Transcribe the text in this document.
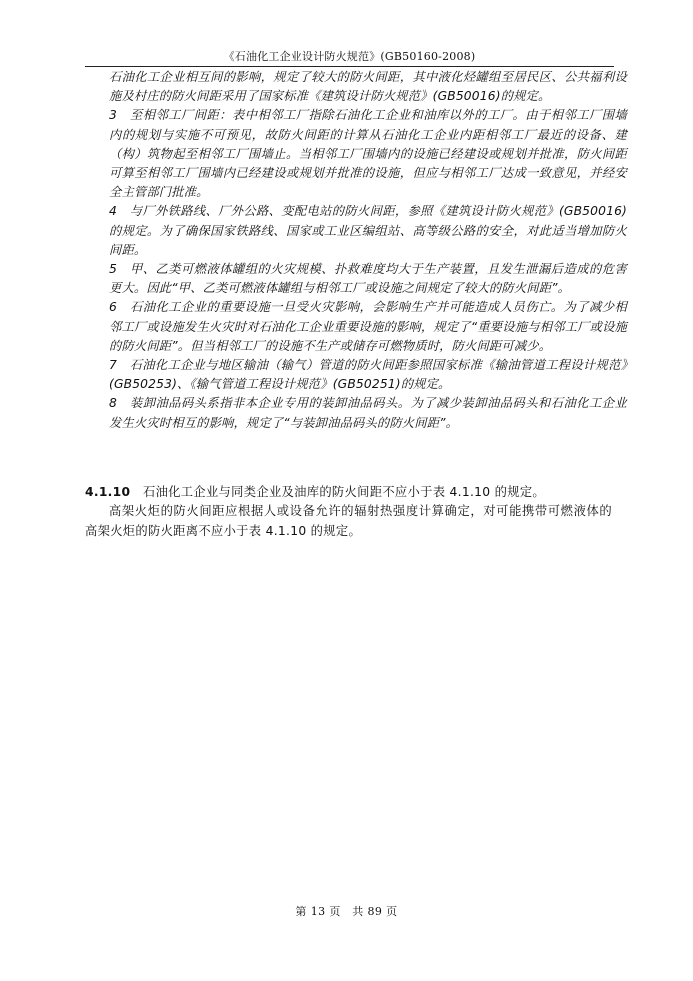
《石油化工企业设计防火规范》(GB50160-2008)

石油化工企业相互间的影响，规定了较大的防火间距，其中液化烃罐组至居民区、公共福利设施及村庄的防火间距采用了国家标准《建筑设计防火规范》(GB50016)的规定。

3　至相邻工厂间距：表中相邻工厂指除石油化工企业和油库以外的工厂。由于相邻工厂围墙内的规划与实施不可预见，故防火间距的计算从石油化工企业内距相邻工厂最近的设备、建（构）筑物起至相邻工厂围墙止。当相邻工厂围墙内的设施已经建设或规划并批准，防火间距可算至相邻工厂围墙内已经建设或规划并批准的设施，但应与相邻工厂达成一致意见，并经安全主管部门批准。

4　与厂外铁路线、厂外公路、变配电站的防火间距，参照《建筑设计防火规范》(GB50016)的规定。为了确保国家铁路线、国家或工业区编组站、高等级公路的安全，对此适当增加防火间距。

5　甲、乙类可燃液体罐组的火灾规模、扑救难度均大于生产装置，且发生泄漏后造成的危害更大。因此“甲、乙类可燃液体罐组与相邻工厂或设施之间规定了较大的防火间距”。

6　石油化工企业的重要设施一旦受火灾影响，会影响生产并可能造成人员伤亡。为了减少相邻工厂或设施发生火灾时对石油化工企业重要设施的影响，规定了“重要设施与相邻工厂或设施的防火间距”。但当相邻工厂的设施不生产或储存可燃物质时，防火间距可减少。

7　石油化工企业与地区输油（输气）管道的防火间距参照国家标准《输油管道工程设计规范》(GB50253)、《输气管道工程设计规范》(GB50251)的规定。

8　装卸油品码头系指非本企业专用的装卸油品码头。为了减少装卸油品码头和石油化工企业发生火灾时相互的影响，规定了“与装卸油品码头的防火间距”。

4.1.10　石油化工企业与同类企业及油库的防火间距不应小于表 4.1.10 的规定。

高架火炬的防火间距应根据人或设备允许的辐射热强度计算确定，对可能携带可燃液体的高架火炬的防火距离不应小于表 4.1.10 的规定。

第 13 页　共 89 页
